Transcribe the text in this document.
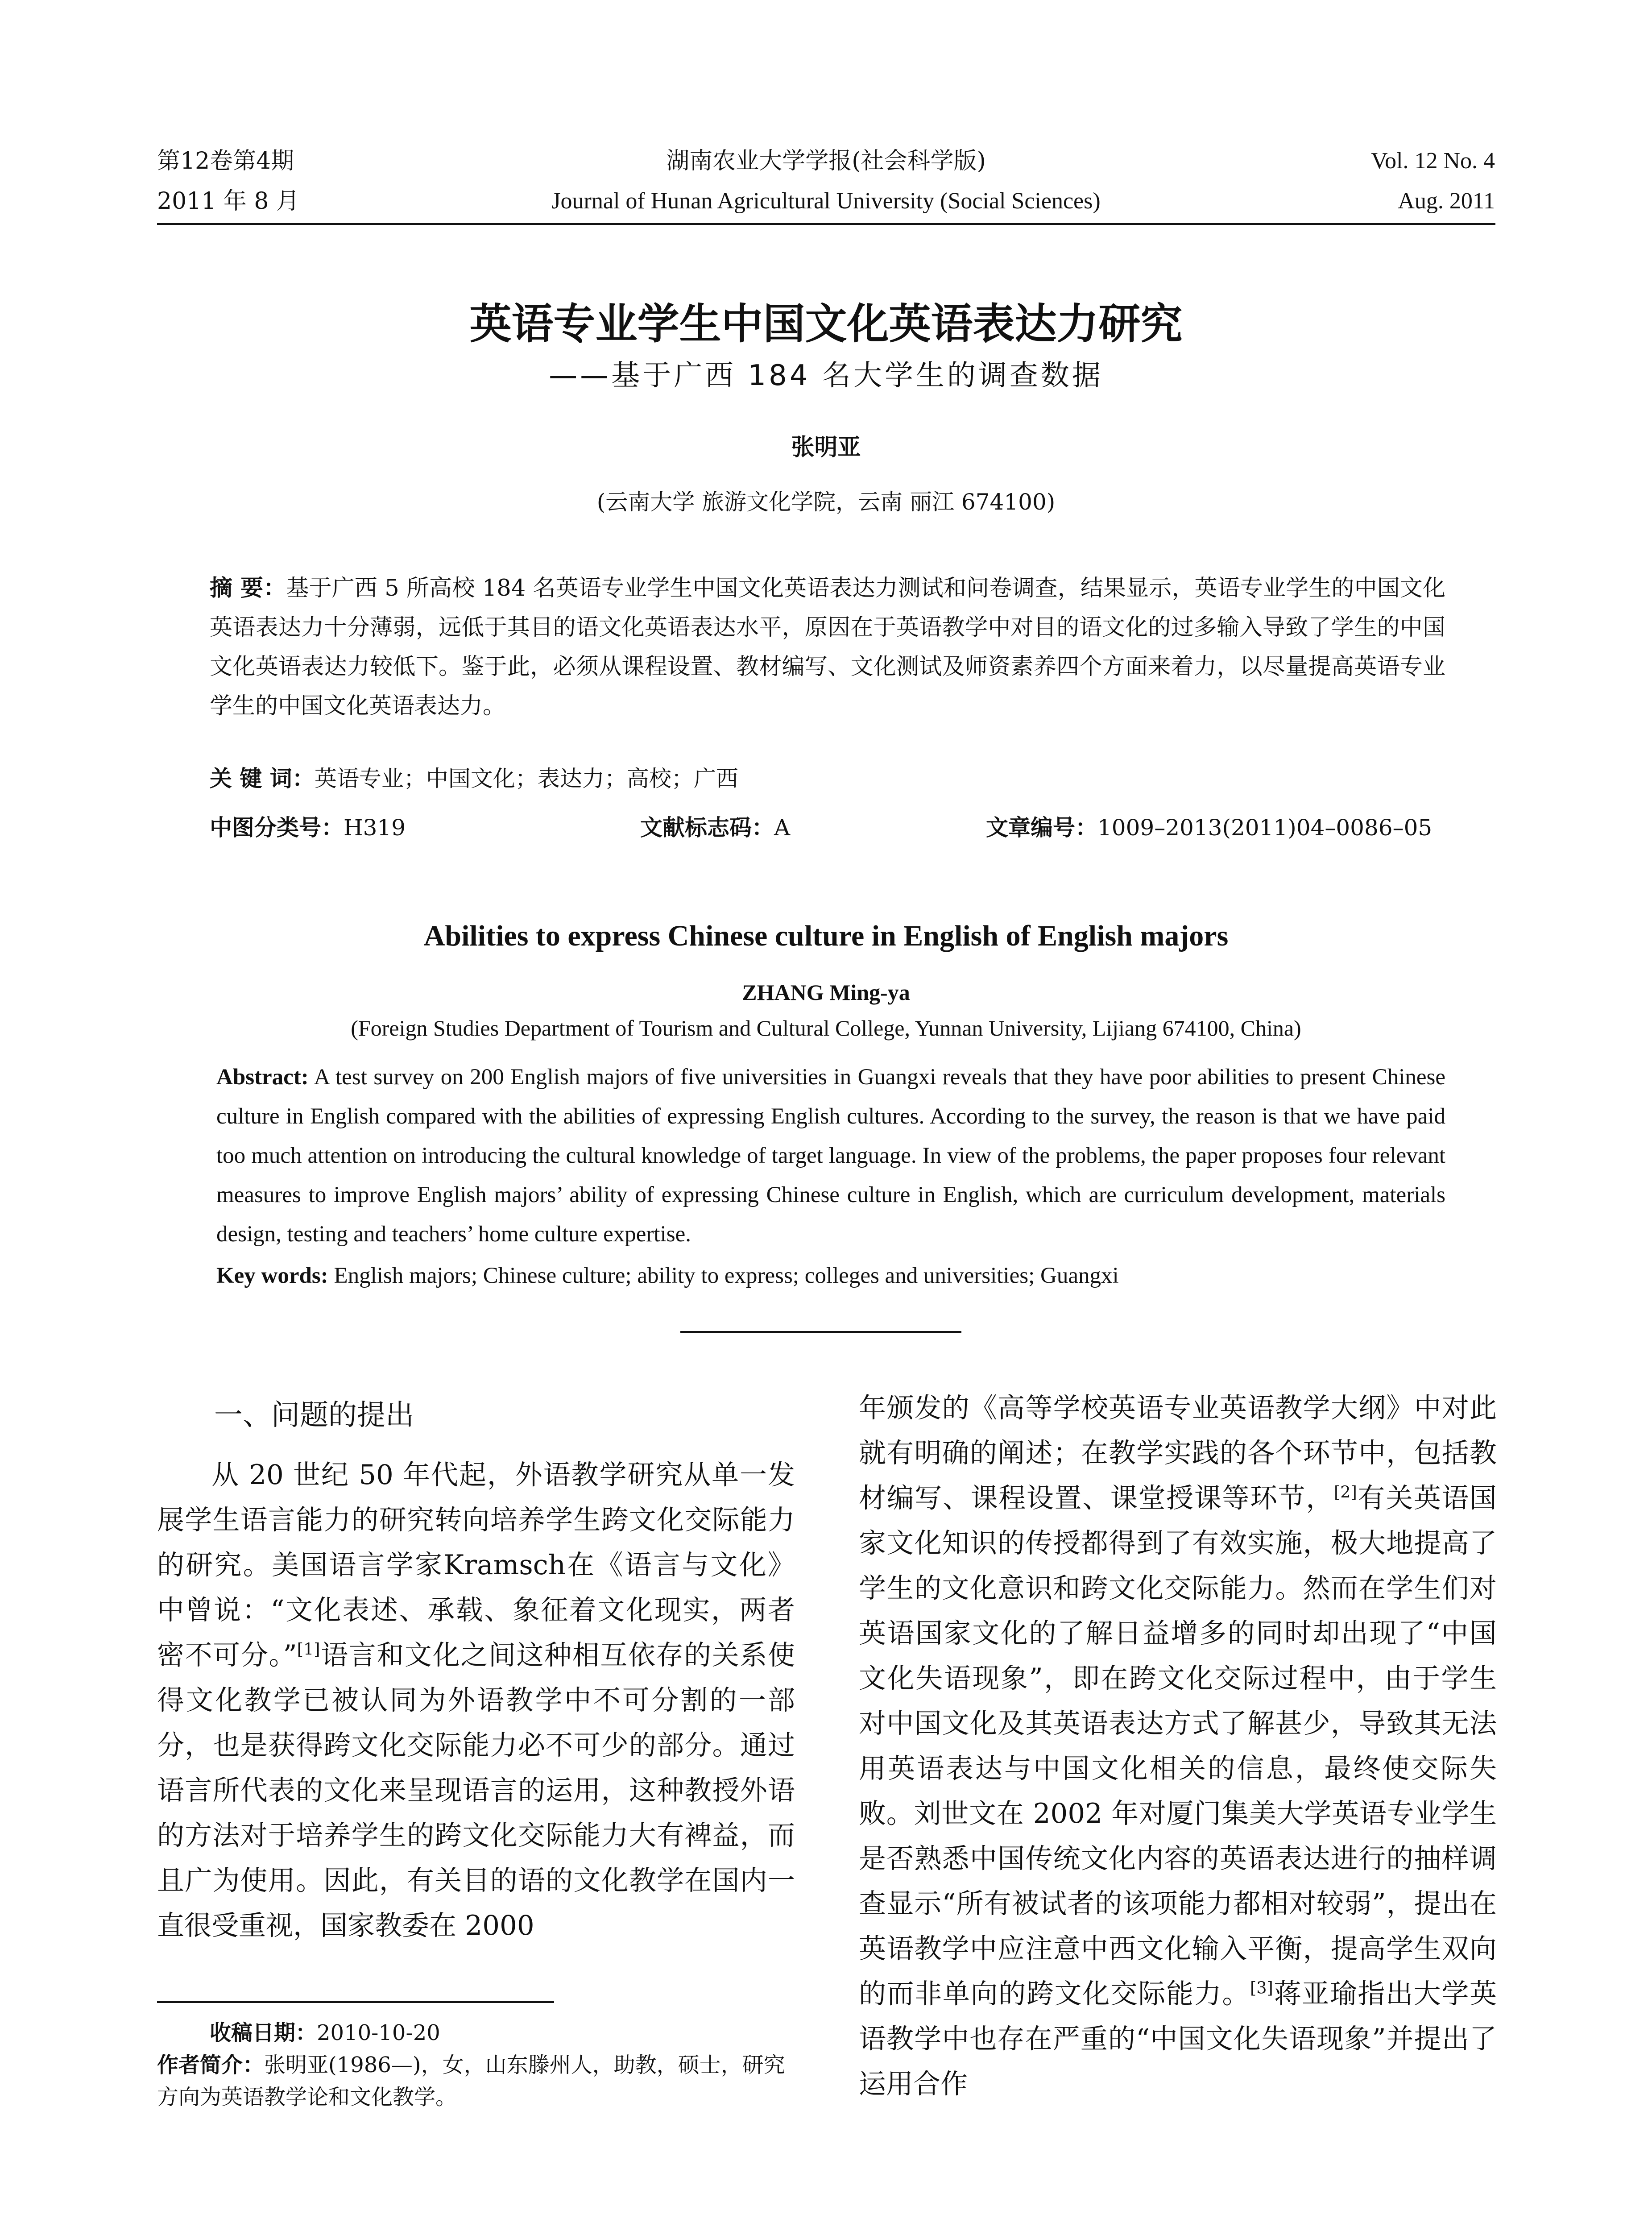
第12卷第4期
2011 年 8 月
湖南农业大学学报(社会科学版)
Journal of Hunan Agricultural University (Social Sciences)
Vol. 12 No. 4
Aug. 2011
英语专业学生中国文化英语表达力研究
——基于广西 184 名大学生的调查数据
张明亚
(云南大学 旅游文化学院，云南 丽江 674100)
摘 要：基于广西 5 所高校 184 名英语专业学生中国文化英语表达力测试和问卷调查，结果显示，英语专业学生的中国文化英语表达力十分薄弱，远低于其目的语文化英语表达水平，原因在于英语教学中对目的语文化的过多输入导致了学生的中国文化英语表达力较低下。鉴于此，必须从课程设置、教材编写、文化测试及师资素养四个方面来着力，以尽量提高英语专业学生的中国文化英语表达力。
关 键 词：英语专业；中国文化；表达力；高校；广西
中图分类号：H319	文献标志码：A	文章编号：1009–2013(2011)04–0086–05
Abilities to express Chinese culture in English of English majors
ZHANG Ming-ya
(Foreign Studies Department of Tourism and Cultural College, Yunnan University, Lijiang 674100, China)
Abstract: A test survey on 200 English majors of five universities in Guangxi reveals that they have poor abilities to present Chinese culture in English compared with the abilities of expressing English cultures. According to the survey, the reason is that we have paid too much attention on introducing the cultural knowledge of target language. In view of the problems, the paper proposes four relevant measures to improve English majors’ ability of expressing Chinese culture in English, which are curriculum development, materials design, testing and teachers’ home culture expertise.
Key words: English majors; Chinese culture; ability to express; colleges and universities; Guangxi
一、问题的提出
从 20 世纪 50 年代起，外语教学研究从单一发展学生语言能力的研究转向培养学生跨文化交际能力的研究。美国语言学家Kramsch在《语言与文化》中曾说：“文化表述、承载、象征着文化现实，两者密不可分。”[1]语言和文化之间这种相互依存的关系使得文化教学已被认同为外语教学中不可分割的一部分，也是获得跨文化交际能力必不可少的部分。通过语言所代表的文化来呈现语言的运用，这种教授外语的方法对于培养学生的跨文化交际能力大有裨益，而且广为使用。因此，有关目的语的文化教学在国内一直很受重视，国家教委在 2000
收稿日期：2010-10-20
作者简介：张明亚(1986—)，女，山东滕州人，助教，硕士，研究方向为英语教学论和文化教学。
年颁发的《高等学校英语专业英语教学大纲》中对此就有明确的阐述；在教学实践的各个环节中，包括教材编写、课程设置、课堂授课等环节，[2]有关英语国家文化知识的传授都得到了有效实施，极大地提高了学生的文化意识和跨文化交际能力。然而在学生们对英语国家文化的了解日益增多的同时却出现了“中国文化失语现象”，即在跨文化交际过程中，由于学生对中国文化及其英语表达方式了解甚少，导致其无法用英语表达与中国文化相关的信息，最终使交际失败。刘世文在 2002 年对厦门集美大学英语专业学生是否熟悉中国传统文化内容的英语表达进行的抽样调查显示“所有被试者的该项能力都相对较弱”，提出在英语教学中应注意中西文化输入平衡，提高学生双向的而非单向的跨文化交际能力。[3]蒋亚瑜指出大学英语教学中也存在严重的“中国文化失语现象”并提出了运用合作
